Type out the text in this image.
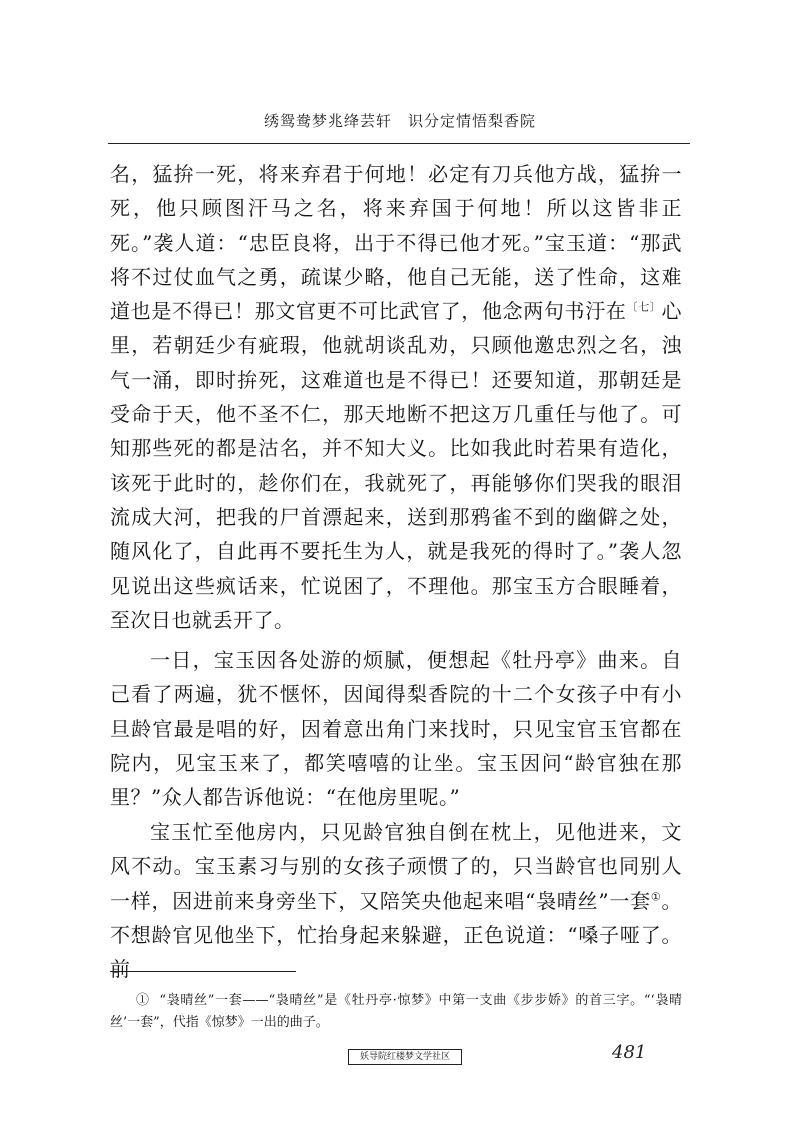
绣鸳鸯梦兆绛芸轩 识分定情悟梨香院

名，猛拚一死，将来弃君于何地！必定有刀兵他方战，猛拚一死，他只顾图汗马之名，将来弃国于何地！所以这皆非正死。”袭人道：“忠臣良将，出于不得已他才死。”宝玉道：“那武将不过仗血气之勇，疏谋少略，他自己无能，送了性命，这难道也是不得已！那文官更不可比武官了，他念两句书汙在$^{〔七〕}$心里，若朝廷少有疵瑕，他就胡谈乱劝，只顾他邀忠烈之名，浊气一涌，即时拚死，这难道也是不得已！还要知道，那朝廷是受命于天，他不圣不仁，那天地断不把这万几重任与他了。可知那些死的都是沽名，并不知大义。比如我此时若果有造化，该死于此时的，趁你们在，我就死了，再能够你们哭我的眼泪流成大河，把我的尸首漂起来，送到那鸦雀不到的幽僻之处，随风化了，自此再不要托生为人，就是我死的得时了。”袭人忽见说出这些疯话来，忙说困了，不理他。那宝玉方合眼睡着，至次日也就丢开了。

一日，宝玉因各处游的烦腻，便想起《牡丹亭》曲来。自己看了两遍，犹不惬怀，因闻得梨香院的十二个女孩子中有小旦龄官最是唱的好，因着意出角门来找时，只见宝官玉官都在院内，见宝玉来了，都笑嘻嘻的让坐。宝玉因问“龄官独在那里？”众人都告诉他说：“在他房里呢。”

宝玉忙至他房内，只见龄官独自倒在枕上，见他进来，文风不动。宝玉素习与别的女孩子顽惯了的，只当龄官也同别人一样，因进前来身旁坐下，又陪笑央他起来唱“袅晴丝”一套①。不想龄官见他坐下，忙抬身起来躲避，正色说道：“嗓子哑了。前

① “袅晴丝”一套——“袅晴丝”是《牡丹亭·惊梦》中第一支曲《步步娇》的首三字。“‘袅晴丝’一套”，代指《惊梦》一出的曲子。

妖导院红楼梦文学社区	481
